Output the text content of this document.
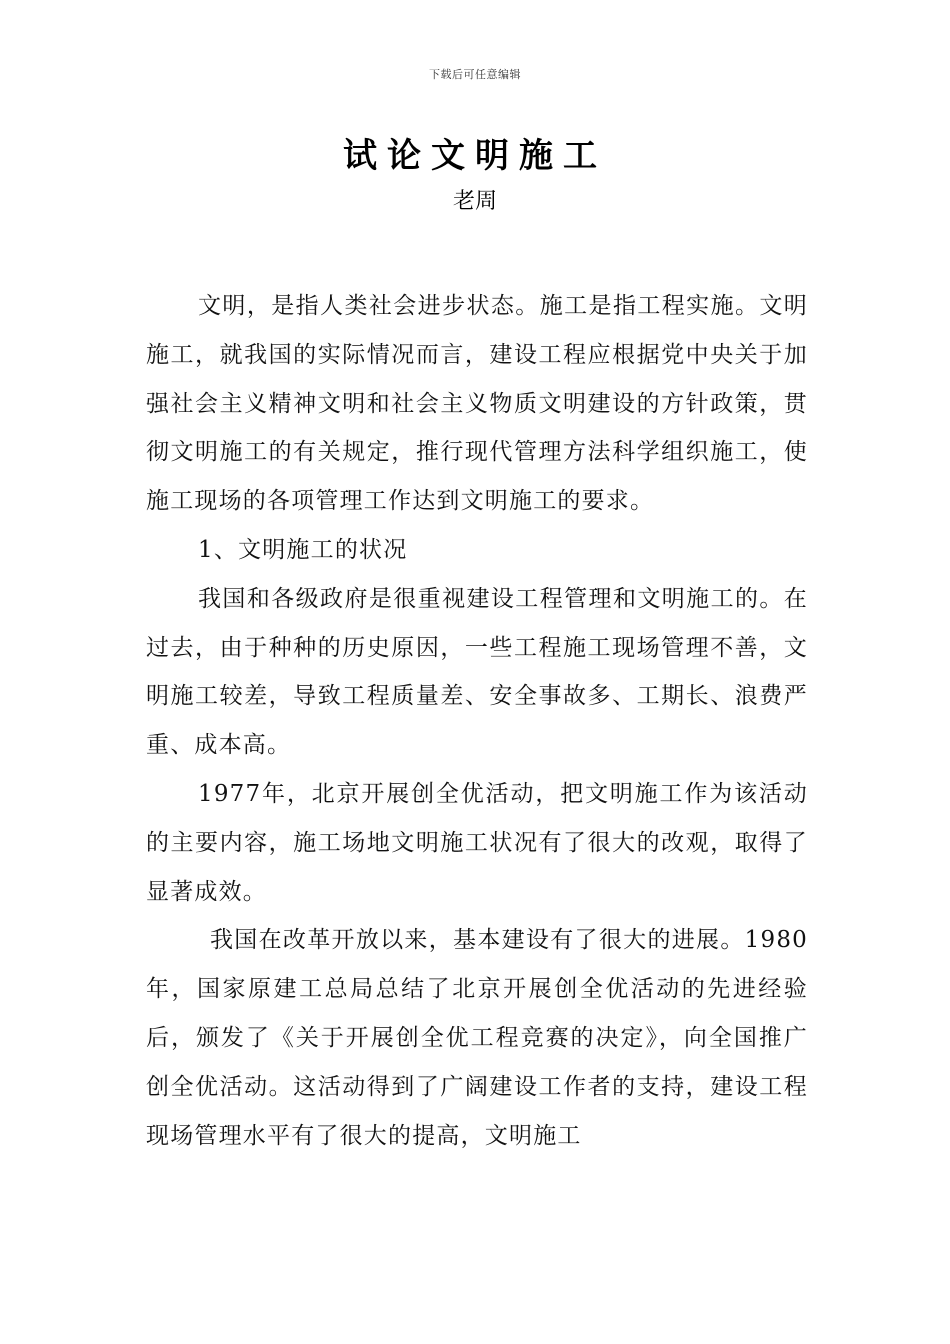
下载后可任意编辑
试论文明施工
老周

文明，是指人类社会进步状态。施工是指工程实施。文明施工，就我国的实际情况而言，建设工程应根据党中央关于加强社会主义精神文明和社会主义物质文明建设的方针政策，贯彻文明施工的有关规定，推行现代管理方法科学组织施工，使施工现场的各项管理工作达到文明施工的要求。

1、文明施工的状况

我国和各级政府是很重视建设工程管理和文明施工的。在过去，由于种种的历史原因，一些工程施工现场管理不善，文明施工较差，导致工程质量差、安全事故多、工期长、浪费严重、成本高。

1977年，北京开展创全优活动，把文明施工作为该活动的主要内容，施工场地文明施工状况有了很大的改观，取得了显著成效。

我国在改革开放以来，基本建设有了很大的进展。1980年，国家原建工总局总结了北京开展创全优活动的先进经验后，颁发了《关于开展创全优工程竞赛的决定》，向全国推广创全优活动。这活动得到了广阔建设工作者的支持，建设工程现场管理水平有了很大的提高，文明施工
